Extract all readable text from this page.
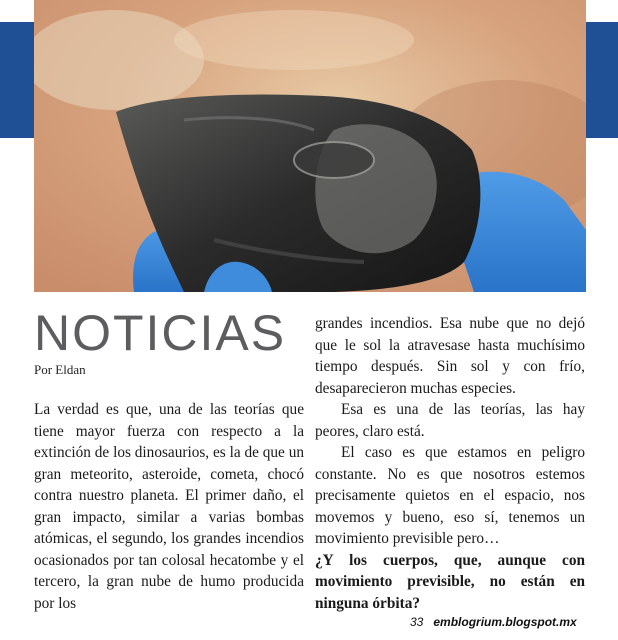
NOTICIAS

Por Eldan

La verdad es que, una de las teorías que tiene mayor fuerza con respecto a la extinción de los dinosaurios, es la de que un gran meteorito, asteroide, cometa, chocó contra nuestro planeta. El primer daño, el gran impacto, similar a varias bombas atómicas, el segundo, los grandes incendios ocasionados por tan colosal hecatombe y el tercero, la gran nube de humo producida por los

grandes incendios. Esa nube que no dejó que le sol la atravesase hasta muchísimo tiempo después. Sin sol y con frío, desaparecieron muchas especies.

Esa es una de las teorías, las hay peores, claro está.

El caso es que estamos en peligro constante. No es que nosotros estemos precisamente quietos en el espacio, nos movemos y bueno, eso sí, tenemos un movimiento previsible pero…

¿Y los cuerpos, que, aunque con movimiento previsible, no están en ninguna órbita?

33 emblogrium.blogspot.mx
